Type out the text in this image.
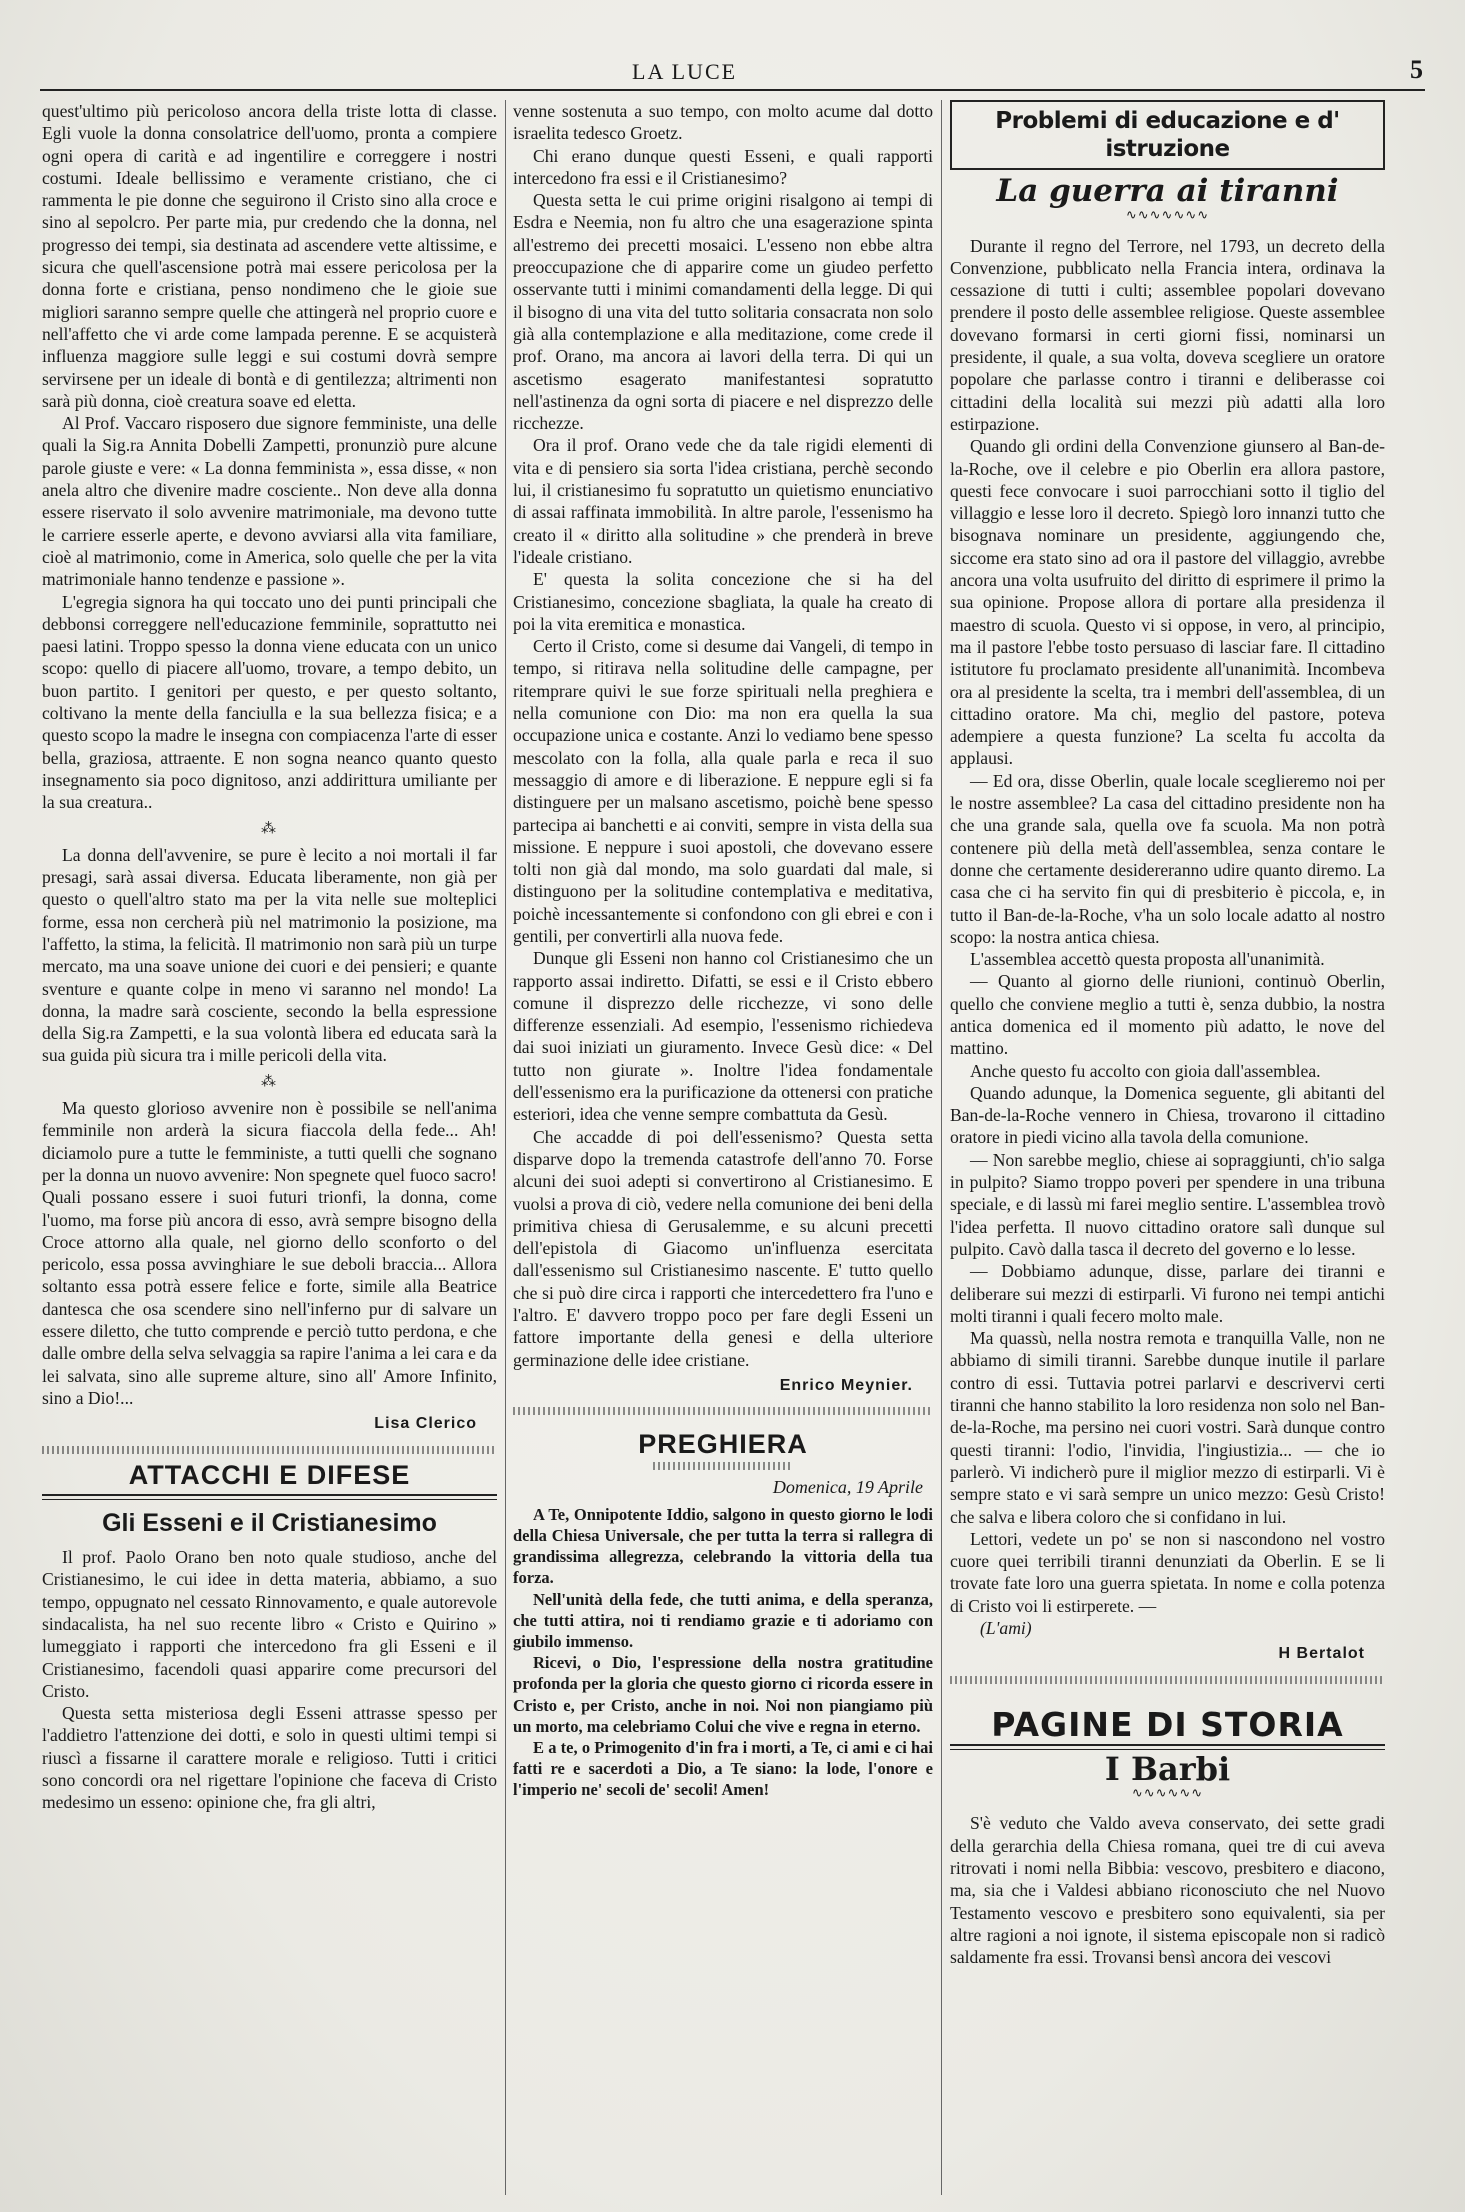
LA LUCE	5

quest'ultimo più pericoloso ancora della triste lotta di classe. Egli vuole la donna consolatrice dell'uomo, pronta a compiere ogni opera di carità e ad ingentilire e correggere i nostri costumi. Ideale bellissimo e veramente cristiano, che ci rammenta le pie donne che seguirono il Cristo sino alla croce e sino al sepolcro. Per parte mia, pur credendo che la donna, nel progresso dei tempi, sia destinata ad ascendere vette altissime, e sicura che quell'ascensione potrà mai essere pericolosa per la donna forte e cristiana, penso nondimeno che le gioie sue migliori saranno sempre quelle che attingerà nel proprio cuore e nell'affetto che vi arde come lampada perenne. E se acquisterà influenza maggiore sulle leggi e sui costumi dovrà sempre servirsene per un ideale di bontà e di gentilezza; altrimenti non sarà più donna, cioè creatura soave ed eletta.

Al Prof. Vaccaro risposero due signore femministe, una delle quali la Sig.ra Annita Dobelli Zampetti, pronunziò pure alcune parole giuste e vere: « La donna femminista », essa disse, « non anela altro che divenire madre cosciente.. Non deve alla donna essere riservato il solo avvenire matrimoniale, ma devono tutte le carriere esserle aperte, e devono avviarsi alla vita familiare, cioè al matrimonio, come in America, solo quelle che per la vita matrimoniale hanno tendenze e passione ».

L'egregia signora ha qui toccato uno dei punti principali che debbonsi correggere nell'educazione femminile, soprattutto nei paesi latini. Troppo spesso la donna viene educata con un unico scopo: quello di piacere all'uomo, trovare, a tempo debito, un buon partito. I genitori per questo, e per questo soltanto, coltivano la mente della fanciulla e la sua bellezza fisica; e a questo scopo la madre le insegna con compiacenza l'arte di esser bella, graziosa, attraente. E non sogna neanco quanto questo insegnamento sia poco dignitoso, anzi addirittura umiliante per la sua creatura..

⁂

La donna dell'avvenire, se pure è lecito a noi mortali il far presagi, sarà assai diversa. Educata liberamente, non già per questo o quell'altro stato ma per la vita nelle sue molteplici forme, essa non cercherà più nel matrimonio la posizione, ma l'affetto, la stima, la felicità. Il matrimonio non sarà più un turpe mercato, ma una soave unione dei cuori e dei pensieri; e quante sventure e quante colpe in meno vi saranno nel mondo! La donna, la madre sarà cosciente, secondo la bella espressione della Sig.ra Zampetti, e la sua volontà libera ed educata sarà la sua guida più sicura tra i mille pericoli della vita.

⁂

Ma questo glorioso avvenire non è possibile se nell'anima femminile non arderà la sicura fiaccola della fede... Ah! diciamolo pure a tutte le femministe, a tutti quelli che sognano per la donna un nuovo avvenire: Non spegnete quel fuoco sacro! Quali possano essere i suoi futuri trionfi, la donna, come l'uomo, ma forse più ancora di esso, avrà sempre bisogno della Croce attorno alla quale, nel giorno dello sconforto o del pericolo, essa possa avvinghiare le sue deboli braccia... Allora soltanto essa potrà essere felice e forte, simile alla Beatrice dantesca che osa scendere sino nell'inferno pur di salvare un essere diletto, che tutto comprende e perciò tutto perdona, e che dalle ombre della selva selvaggia sa rapire l'anima a lei cara e da lei salvata, sino alle supreme alture, sino all' Amore Infinito, sino a Dio!...

Lisa Clerico
ATTACCHI E DIFESE
Gli Esseni e il Cristianesimo

Il prof. Paolo Orano ben noto quale studioso, anche del Cristianesimo, le cui idee in detta materia, abbiamo, a suo tempo, oppugnato nel cessato Rinnovamento, e quale autorevole sindacalista, ha nel suo recente libro « Cristo e Quirino » lumeggiato i rapporti che intercedono fra gli Esseni e il Cristianesimo, facendoli quasi apparire come precursori del Cristo.

Questa setta misteriosa degli Esseni attrasse spesso per l'addietro l'attenzione dei dotti, e solo in questi ultimi tempi si riuscì a fissarne il carattere morale e religioso. Tutti i critici sono concordi ora nel rigettare l'opinione che faceva di Cristo medesimo un esseno: opinione che, fra gli altri,

venne sostenuta a suo tempo, con molto acume dal dotto israelita tedesco Groetz.

Chi erano dunque questi Esseni, e quali rapporti intercedono fra essi e il Cristianesimo?

Questa setta le cui prime origini risalgono ai tempi di Esdra e Neemia, non fu altro che una esagerazione spinta all'estremo dei precetti mosaici. L'esseno non ebbe altra preoccupazione che di apparire come un giudeo perfetto osservante tutti i minimi comandamenti della legge. Di qui il bisogno di una vita del tutto solitaria consacrata non solo già alla contemplazione e alla meditazione, come crede il prof. Orano, ma ancora ai lavori della terra. Di qui un ascetismo esagerato manifestantesi sopratutto nell'astinenza da ogni sorta di piacere e nel disprezzo delle ricchezze.

Ora il prof. Orano vede che da tale rigidi elementi di vita e di pensiero sia sorta l'idea cristiana, perchè secondo lui, il cristianesimo fu sopratutto un quietismo enunciativo di assai raffinata immobilità. In altre parole, l'essenismo ha creato il « diritto alla solitudine » che prenderà in breve l'ideale cristiano.

E' questa la solita concezione che si ha del Cristianesimo, concezione sbagliata, la quale ha creato di poi la vita eremitica e monastica.

Certo il Cristo, come si desume dai Vangeli, di tempo in tempo, si ritirava nella solitudine delle campagne, per ritemprare quivi le sue forze spirituali nella preghiera e nella comunione con Dio: ma non era quella la sua occupazione unica e costante. Anzi lo vediamo bene spesso mescolato con la folla, alla quale parla e reca il suo messaggio di amore e di liberazione. E neppure egli si fa distinguere per un malsano ascetismo, poichè bene spesso partecipa ai banchetti e ai conviti, sempre in vista della sua missione. E neppure i suoi apostoli, che dovevano essere tolti non già dal mondo, ma solo guardati dal male, si distinguono per la solitudine contemplativa e meditativa, poichè incessantemente si confondono con gli ebrei e con i gentili, per convertirli alla nuova fede.

Dunque gli Esseni non hanno col Cristianesimo che un rapporto assai indiretto. Difatti, se essi e il Cristo ebbero comune il disprezzo delle ricchezze, vi sono delle differenze essenziali. Ad esempio, l'essenismo richiedeva dai suoi iniziati un giuramento. Invece Gesù dice: « Del tutto non giurate ». Inoltre l'idea fondamentale dell'essenismo era la purificazione da ottenersi con pratiche esteriori, idea che venne sempre combattuta da Gesù.

Che accadde di poi dell'essenismo? Questa setta disparve dopo la tremenda catastrofe dell'anno 70. Forse alcuni dei suoi adepti si convertirono al Cristianesimo. E vuolsi a prova di ciò, vedere nella comunione dei beni della primitiva chiesa di Gerusalemme, e su alcuni precetti dell'epistola di Giacomo un'influenza esercitata dall'essenismo sul Cristianesimo nascente. E' tutto quello che si può dire circa i rapporti che intercedettero fra l'uno e l'altro. E' davvero troppo poco per fare degli Esseni un fattore importante della genesi e della ulteriore germinazione delle idee cristiane.

Enrico Meynier.
PREGHIERA
Domenica, 19 Aprile

A Te, Onnipotente Iddio, salgono in questo giorno le lodi della Chiesa Universale, che per tutta la terra si rallegra di grandissima allegrezza, celebrando la vittoria della tua forza.

Nell'unità della fede, che tutti anima, e della speranza, che tutti attira, noi ti rendiamo grazie e ti adoriamo con giubilo immenso.

Ricevi, o Dio, l'espressione della nostra gratitudine profonda per la gloria che questo giorno ci ricorda essere in Cristo e, per Cristo, anche in noi. Noi non piangiamo più un morto, ma celebriamo Colui che vive e regna in eterno.

E a te, o Primogenito d'in fra i morti, a Te, ci ami e ci hai fatti re e sacerdoti a Dio, a Te siano: la lode, l'onore e l'imperio ne' secoli de' secoli! Amen!

Problemi di educazione e d' istruzione
La guerra ai tiranni
∿∿∿∿∿∿∿

Durante il regno del Terrore, nel 1793, un decreto della Convenzione, pubblicato nella Francia intera, ordinava la cessazione di tutti i culti; assemblee popolari dovevano prendere il posto delle assemblee religiose. Queste assemblee dovevano formarsi in certi giorni fissi, nominarsi un presidente, il quale, a sua volta, doveva scegliere un oratore popolare che parlasse contro i tiranni e deliberasse coi cittadini della località sui mezzi più adatti alla loro estirpazione.

Quando gli ordini della Convenzione giunsero al Ban-de-la-Roche, ove il celebre e pio Oberlin era allora pastore, questi fece convocare i suoi parrocchiani sotto il tiglio del villaggio e lesse loro il decreto. Spiegò loro innanzi tutto che bisognava nominare un presidente, aggiungendo che, siccome era stato sino ad ora il pastore del villaggio, avrebbe ancora una volta usufruito del diritto di esprimere il primo la sua opinione. Propose allora di portare alla presidenza il maestro di scuola. Questo vi si oppose, in vero, al principio, ma il pastore l'ebbe tosto persuaso di lasciar fare. Il cittadino istitutore fu proclamato presidente all'unanimità. Incombeva ora al presidente la scelta, tra i membri dell'assemblea, di un cittadino oratore. Ma chi, meglio del pastore, poteva adempiere a questa funzione? La scelta fu accolta da applausi.

— Ed ora, disse Oberlin, quale locale sceglieremo noi per le nostre assemblee? La casa del cittadino presidente non ha che una grande sala, quella ove fa scuola. Ma non potrà contenere più della metà dell'assemblea, senza contare le donne che certamente desidereranno udire quanto diremo. La casa che ci ha servito fin qui di presbiterio è piccola, e, in tutto il Ban-de-la-Roche, v'ha un solo locale adatto al nostro scopo: la nostra antica chiesa.

L'assemblea accettò questa proposta all'unanimità.

— Quanto al giorno delle riunioni, continuò Oberlin, quello che conviene meglio a tutti è, senza dubbio, la nostra antica domenica ed il momento più adatto, le nove del mattino.

Anche questo fu accolto con gioia dall'assemblea.

Quando adunque, la Domenica seguente, gli abitanti del Ban-de-la-Roche vennero in Chiesa, trovarono il cittadino oratore in piedi vicino alla tavola della comunione.

— Non sarebbe meglio, chiese ai sopraggiunti, ch'io salga in pulpito? Siamo troppo poveri per spendere in una tribuna speciale, e di lassù mi farei meglio sentire. L'assemblea trovò l'idea perfetta. Il nuovo cittadino oratore salì dunque sul pulpito. Cavò dalla tasca il decreto del governo e lo lesse.

— Dobbiamo adunque, disse, parlare dei tiranni e deliberare sui mezzi di estirparli. Vi furono nei tempi antichi molti tiranni i quali fecero molto male.

Ma quassù, nella nostra remota e tranquilla Valle, non ne abbiamo di simili tiranni. Sarebbe dunque inutile il parlare contro di essi. Tuttavia potrei parlarvi e descrivervi certi tiranni che hanno stabilito la loro residenza non solo nel Ban-de-la-Roche, ma persino nei cuori vostri. Sarà dunque contro questi tiranni: l'odio, l'invidia, l'ingiustizia... — che io parlerò. Vi indicherò pure il miglior mezzo di estirparli. Vi è sempre stato e vi sarà sempre un unico mezzo: Gesù Cristo! che salva e libera coloro che si confidano in lui.

Lettori, vedete un po' se non si nascondono nel vostro cuore quei terribili tiranni denunziati da Oberlin. E se li trovate fate loro una guerra spietata. In nome e colla potenza di Cristo voi li estirperete. —

(L'ami)
H Bertalot
PAGINE DI STORIA
I Barbi
∿∿∿∿∿∿

S'è veduto che Valdo aveva conservato, dei sette gradi della gerarchia della Chiesa romana, quei tre di cui aveva ritrovati i nomi nella Bibbia: vescovo, presbitero e diacono, ma, sia che i Valdesi abbiano riconosciuto che nel Nuovo Testamento vescovo e presbitero sono equivalenti, sia per altre ragioni a noi ignote, il sistema episcopale non si radicò saldamente fra essi. Trovansi bensì ancora dei vescovi
